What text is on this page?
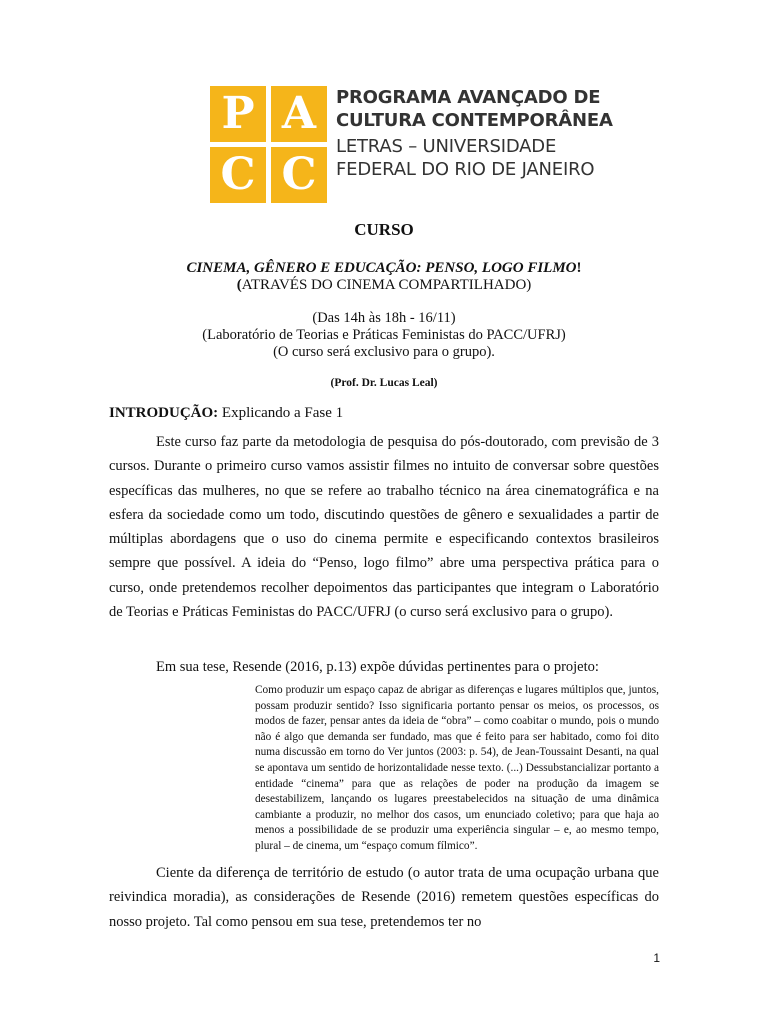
P A
C C
PROGRAMA AVANÇADO DE
CULTURA CONTEMPORÂNEA
LETRAS – UNIVERSIDADE
FEDERAL DO RIO DE JANEIRO
CURSO
CINEMA, GÊNERO E EDUCAÇÃO: PENSO, LOGO FILMO!
(ATRAVÉS DO CINEMA COMPARTILHADO)
(Das 14h às 18h - 16/11)
(Laboratório de Teorias e Práticas Feministas do PACC/UFRJ)
(O curso será exclusivo para o grupo).
(Prof. Dr. Lucas Leal)
INTRODUÇÃO: Explicando a Fase 1

Este curso faz parte da metodologia de pesquisa do pós-doutorado, com previsão de 3 cursos. Durante o primeiro curso vamos assistir filmes no intuito de conversar sobre questões específicas das mulheres, no que se refere ao trabalho técnico na área cinematográfica e na esfera da sociedade como um todo, discutindo questões de gênero e sexualidades a partir de múltiplas abordagens que o uso do cinema permite e especificando contextos brasileiros sempre que possível. A ideia do “Penso, logo filmo” abre uma perspectiva prática para o curso, onde pretendemos recolher depoimentos das participantes que integram o Laboratório de Teorias e Práticas Feministas do PACC/UFRJ (o curso será exclusivo para o grupo).

Em sua tese, Resende (2016, p.13) expõe dúvidas pertinentes para o projeto:

Como produzir um espaço capaz de abrigar as diferenças e lugares múltiplos que, juntos, possam produzir sentido? Isso significaria portanto pensar os meios, os processos, os modos de fazer, pensar antes da ideia de “obra” – como coabitar o mundo, pois o mundo não é algo que demanda ser fundado, mas que é feito para ser habitado, como foi dito numa discussão em torno do Ver juntos (2003: p. 54), de Jean-Toussaint Desanti, na qual se apontava um sentido de horizontalidade nesse texto. (...) Dessubstancializar portanto a entidade “cinema” para que as relações de poder na produção da imagem se desestabilizem, lançando os lugares preestabelecidos na situação de uma dinâmica cambiante a produzir, no melhor dos casos, um enunciado coletivo; para que haja ao menos a possibilidade de se produzir uma experiência singular – e, ao mesmo tempo, plural – de cinema, um “espaço comum fílmico”.

Ciente da diferença de território de estudo (o autor trata de uma ocupação urbana que reivindica moradia), as considerações de Resende (2016) remetem questões específicas do nosso projeto. Tal como pensou em sua tese, pretendemos ter no

1
